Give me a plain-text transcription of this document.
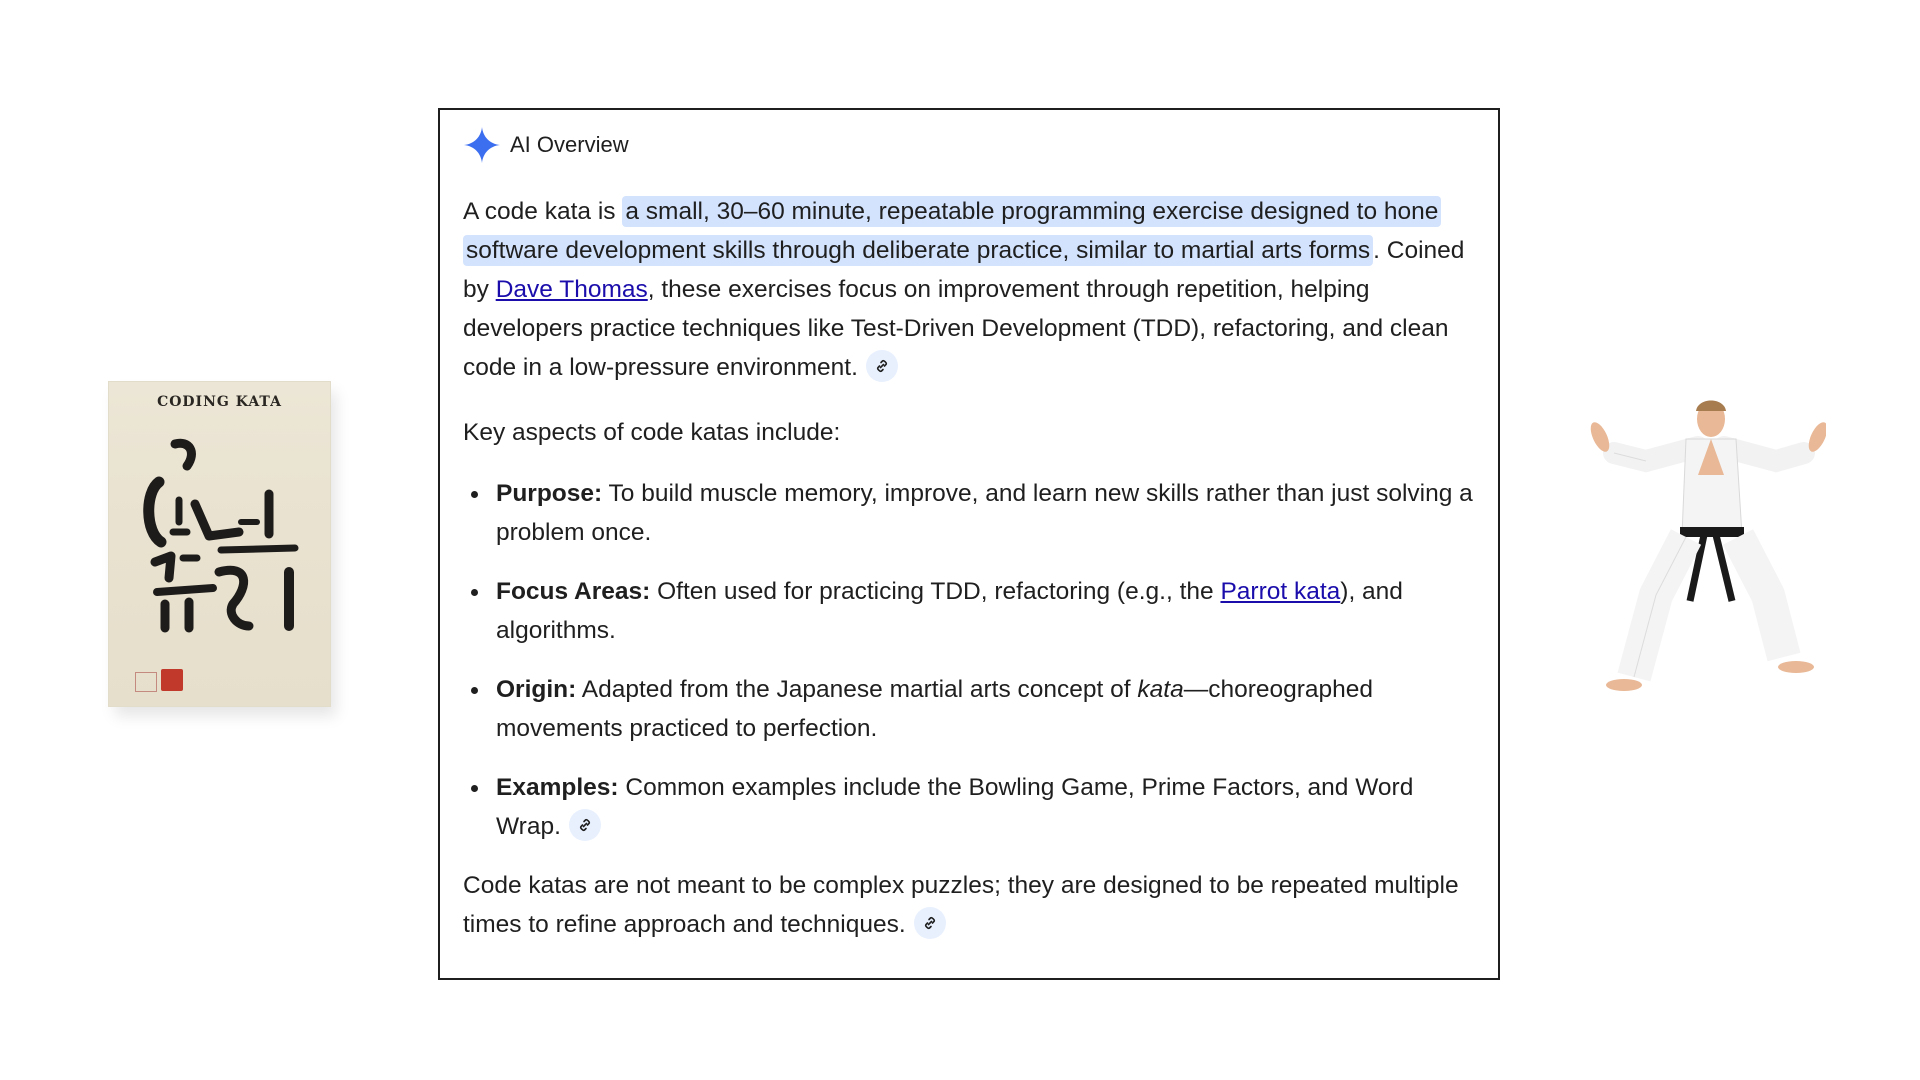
CODING KATA
AI Overview

A code kata is a small, 30–60 minute, repeatable programming exercise designed to hone software development skills through deliberate practice, similar to martial arts forms . Coined by Dave Thomas, these exercises focus on improvement through repetition, helping developers practice techniques like Test-Driven Development (TDD), refactoring, and clean code in a low-pressure environment.

Key aspects of code katas include:

Purpose: To build muscle memory, improve, and learn new skills rather than just solving a problem once.
Focus Areas: Often used for practicing TDD, refactoring (e.g., the Parrot kata), and algorithms.
Origin: Adapted from the Japanese martial arts concept of kata—choreographed movements practiced to perfection.
Examples: Common examples include the Bowling Game, Prime Factors, and Word Wrap.

Code katas are not meant to be complex puzzles; they are designed to be repeated multiple times to refine approach and techniques.
